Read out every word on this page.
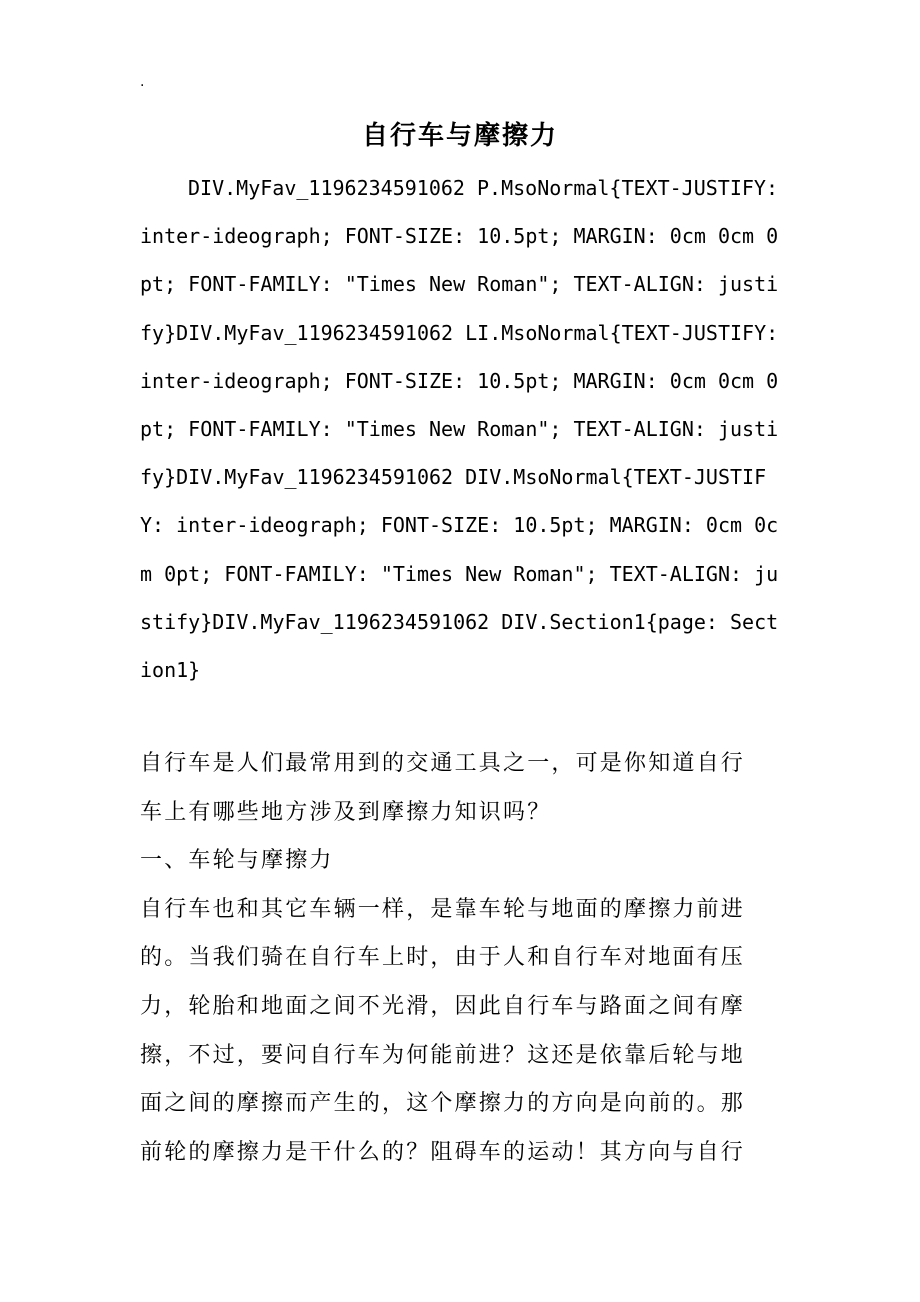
.
自行车与摩擦力
DIV.MyFav_1196234591062 P.MsoNormal{TEXT-JUSTIFY: inter-ideograph; FONT-SIZE: 10.5pt; MARGIN: 0cm 0cm 0pt; FONT-FAMILY: "Times New Roman"; TEXT-ALIGN: justify}DIV.MyFav_1196234591062 LI.MsoNormal{TEXT-JUSTIFY: inter-ideograph; FONT-SIZE: 10.5pt; MARGIN: 0cm 0cm 0pt; FONT-FAMILY: "Times New Roman"; TEXT-ALIGN: justify}DIV.MyFav_1196234591062 DIV.MsoNormal{TEXT-JUSTIFY: inter-ideograph; FONT-SIZE: 10.5pt; MARGIN: 0cm 0cm 0pt; FONT-FAMILY: "Times New Roman"; TEXT-ALIGN: justify}DIV.MyFav_1196234591062 DIV.Section1{page: Section1}

自行车是人们最常用到的交通工具之一，可是你知道自行车上有哪些地方涉及到摩擦力知识吗？

一、车轮与摩擦力

自行车也和其它车辆一样，是靠车轮与地面的摩擦力前进的。当我们骑在自行车上时，由于人和自行车对地面有压力，轮胎和地面之间不光滑，因此自行车与路面之间有摩擦，不过，要问自行车为何能前进？这还是依靠后轮与地面之间的摩擦而产生的，这个摩擦力的方向是向前的。那前轮的摩擦力是干什么的？阻碍车的运动！其方向与自行
